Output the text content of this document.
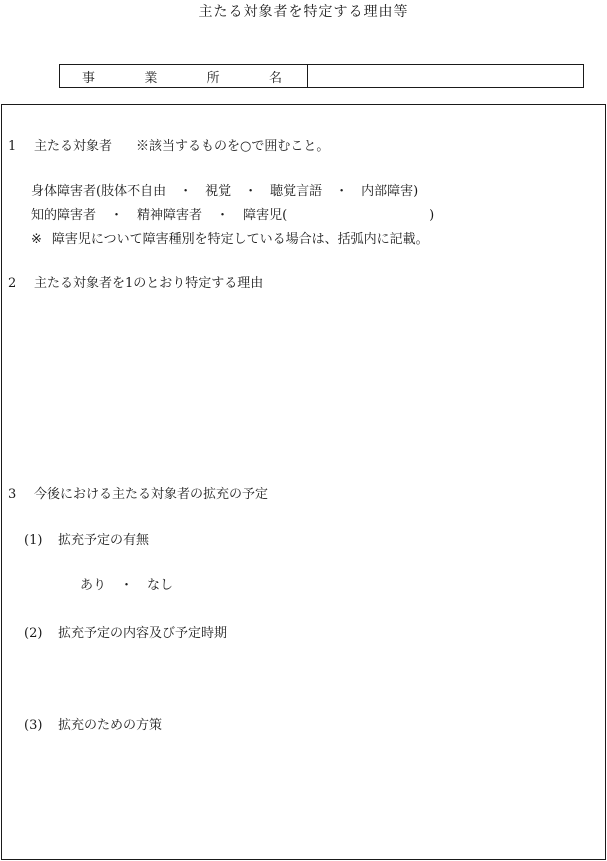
主たる対象者を特定する理由等
事	業	所	名
1 主たる対象者 ※該当するものを○で囲むこと。
身体障害者(肢体不自由　・　視覚　・　聴覚言語　・　内部障害)
知的障害者 ・ 精神障害者 ・ 障害児(	)
※ 障害児について障害種別を特定している場合は、括弧内に記載。
2 主たる対象者を1のとおり特定する理由
3 今後における主たる対象者の拡充の予定
(1) 拡充予定の有無
あり ・ なし
(2) 拡充予定の内容及び予定時期
(3) 拡充のための方策
